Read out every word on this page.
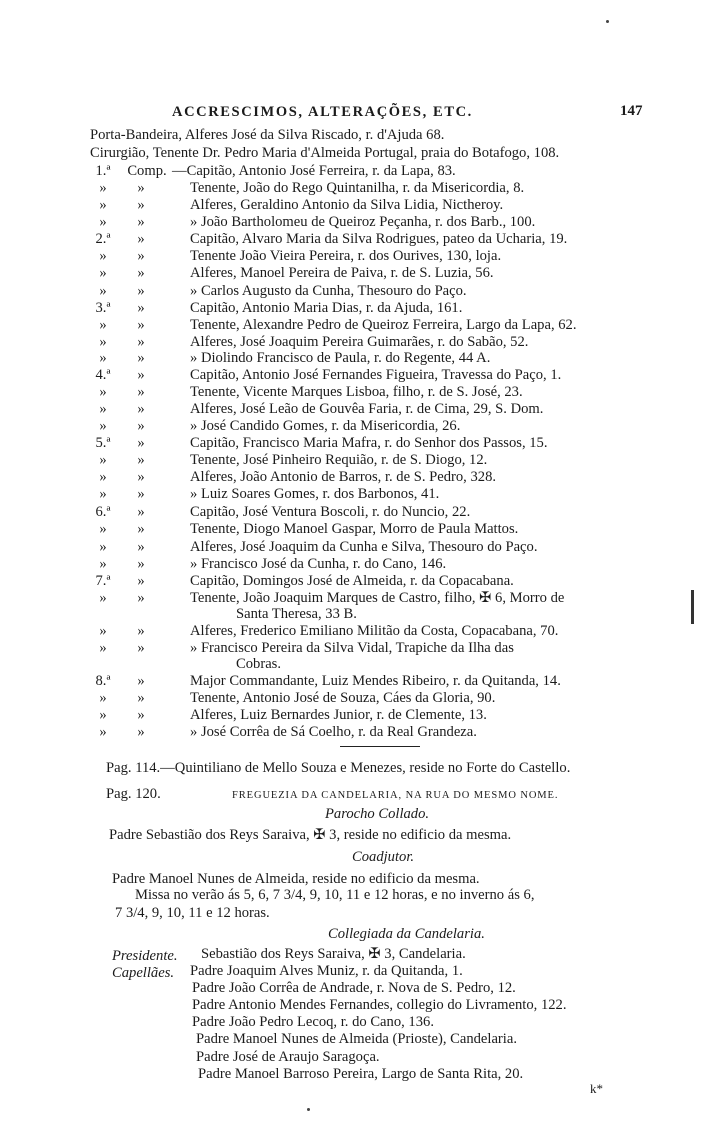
ACCRESCIMOS, ALTERAÇÕES, ETC.	147
Porta-Bandeira, Alferes José da Silva Riscado, r. d'Ajuda 68.
Cirurgião, Tenente Dr. Pedro Maria d'Almeida Portugal, praia do Botafogo, 108.
1.ª	Comp. —Capitão, Antonio José Ferreira, r. da Lapa, 83.
»	»	Tenente, João do Rego Quintanilha, r. da Misericordia, 8.
»	»	Alferes, Geraldino Antonio da Silva Lidia, Nictheroy.
»	»	» João Bartholomeu de Queiroz Peçanha, r. dos Barb., 100.
2.ª	»	Capitão, Alvaro Maria da Silva Rodrigues, pateo da Ucharia, 19.
»	»	Tenente João Vieira Pereira, r. dos Ourives, 130, loja.
»	»	Alferes, Manoel Pereira de Paiva, r. de S. Luzia, 56.
»	»	» Carlos Augusto da Cunha, Thesouro do Paço.
3.ª	»	Capitão, Antonio Maria Dias, r. da Ajuda, 161.
»	»	Tenente, Alexandre Pedro de Queiroz Ferreira, Largo da Lapa, 62.
»	»	Alferes, José Joaquim Pereira Guimarães, r. do Sabão, 52.
»	»	» Diolindo Francisco de Paula, r. do Regente, 44 A.
4.ª	»	Capitão, Antonio José Fernandes Figueira, Travessa do Paço, 1.
»	»	Tenente, Vicente Marques Lisboa, filho, r. de S. José, 23.
»	»	Alferes, José Leão de Gouvêa Faria, r. de Cima, 29, S. Dom.
»	»	» José Candido Gomes, r. da Misericordia, 26.
5.ª	»	Capitão, Francisco Maria Mafra, r. do Senhor dos Passos, 15.
»	»	Tenente, José Pinheiro Requião, r. de S. Diogo, 12.
»	»	Alferes, João Antonio de Barros, r. de S. Pedro, 328.
»	»	» Luiz Soares Gomes, r. dos Barbonos, 41.
6.ª	»	Capitão, José Ventura Boscoli, r. do Nuncio, 22.
»	»	Tenente, Diogo Manoel Gaspar, Morro de Paula Mattos.
»	»	Alferes, José Joaquim da Cunha e Silva, Thesouro do Paço.
»	»	» Francisco José da Cunha, r. do Cano, 146.
7.ª	»	Capitão, Domingos José de Almeida, r. da Copacabana.
»	»	Tenente, João Joaquim Marques de Castro, filho, ✠ 6, Morro de
Santa Theresa, 33 B.
»	»	Alferes, Frederico Emiliano Militão da Costa, Copacabana, 70.
»	»	» Francisco Pereira da Silva Vidal, Trapiche da Ilha das
Cobras.
8.ª	»	Major Commandante, Luiz Mendes Ribeiro, r. da Quitanda, 14.
»	»	Tenente, Antonio José de Souza, Cáes da Gloria, 90.
»	»	Alferes, Luiz Bernardes Junior, r. de Clemente, 13.
»	»	» José Corrêa de Sá Coelho, r. da Real Grandeza.
Pag. 114.—Quintiliano de Mello Souza e Menezes, reside no Forte do Castello.
Pag. 120.	FREGUEZIA DA CANDELARIA, NA RUA DO MESMO NOME.
Parocho Collado.
Padre Sebastião dos Reys Saraiva, ✠ 3, reside no edificio da mesma.
Coadjutor.
Padre Manoel Nunes de Almeida, reside no edificio da mesma.
Missa no verão ás 5, 6, 7 3/4, 9, 10, 11 e 12 horas, e no inverno ás 6,
7 3/4, 9, 10, 11 e 12 horas.
Collegiada da Candelaria.
Presidente. Sebastião dos Reys Saraiva, ✠ 3, Candelaria.
Capellães. Padre Joaquim Alves Muniz, r. da Quitanda, 1.
Padre João Corrêa de Andrade, r. Nova de S. Pedro, 12.
Padre Antonio Mendes Fernandes, collegio do Livramento, 122.
Padre João Pedro Lecoq, r. do Cano, 136.
Padre Manoel Nunes de Almeida (Prioste), Candelaria.
Padre José de Araujo Saragoça.
Padre Manoel Barroso Pereira, Largo de Santa Rita, 20.
k*
